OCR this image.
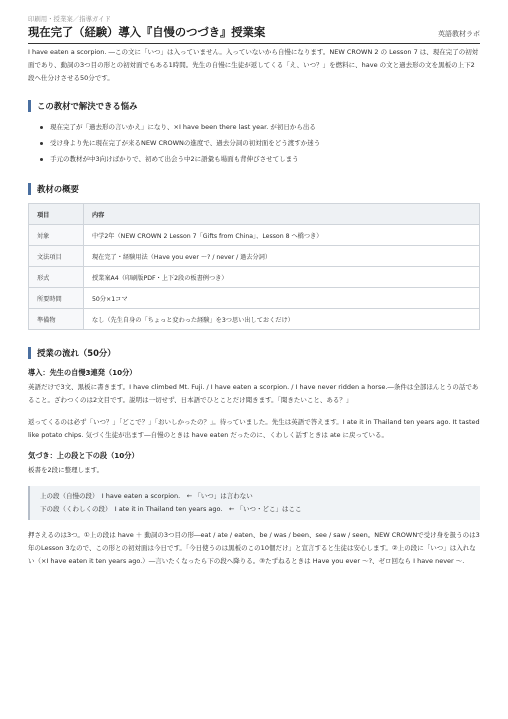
印刷用・授業案／指導ガイド
現在完了（経験）導入『自慢のつづき』授業案	英語教材ラボ

I have eaten a scorpion. ―この文に「いつ」は入っていません。入っていないから自慢になります。NEW CROWN 2 の Lesson 7 は、現在完了の初対面であり、動詞の3つ目の形との初対面でもある1時間。先生の自慢に生徒が返してくる「え、いつ？」を燃料に、have の文と過去形の文を黒板の上下2段へ仕分けさせる50分です。

この教材で解決できる悩み
現在完了が「過去形の言いかえ」になり、×I have been there last year. が初日から出る
受け身より先に現在完了が来るNEW CROWNの進度で、過去分詞の初対面をどう渡すか迷う
手元の教材が中3向けばかりで、初めて出会う中2に語彙も場面も背伸びさせてしまう
教材の概要
項目	内容
対象	中学2年（NEW CROWN 2 Lesson 7「Gifts from China」、Lesson 8 へ橋つき）
文法項目	現在完了・経験用法（Have you ever ～? / never / 過去分詞）
形式	授業案A4（印刷版PDF・上下2段の板書例つき）
所要時間	50分×1コマ
準備物	なし（先生自身の「ちょっと変わった経験」を3つ思い出しておくだけ）
授業の流れ（50分）
導入：先生の自慢3連発（10分）

英語だけで3文、黒板に書きます。I have climbed Mt. Fuji. / I have eaten a scorpion. / I have never ridden a horse.―条件は全部ほんとうの話であること。ざわつくのは2文目です。説明は一切せず、日本語でひとことだけ聞きます。「聞きたいこと、ある？」

返ってくるのは必ず「いつ？」「どこで？」「おいしかったの？」。待っていました。先生は英語で答えます。I ate it in Thailand ten years ago. It tasted like potato chips. 気づく生徒が出ます―自慢のときは have eaten だったのに、くわしく話すときは ate に戻っている。

気づき：上の段と下の段（10分）

板書を2段に整理します。

上の段（自慢の段）　I have eaten a scorpion.　← 「いつ」は言わない
下の段（くわしくの段）　I ate it in Thailand ten years ago.　← 「いつ・どこ」はここ

押さえるのは3つ。①上の段は have ＋ 動詞の3つ目の形―eat / ate / eaten、be / was / been、see / saw / seen。NEW CROWNで受け身を扱うのは3年のLesson 3なので、この形との初対面は今日です。「今日使うのは黒板のこの10個だけ」と宣言すると生徒は安心します。②上の段に「いつ」は入れない（×I have eaten it ten years ago.）―言いたくなったら下の段へ降りる。③たずねるときは Have you ever ～?、ゼロ回なら I have never ～.
